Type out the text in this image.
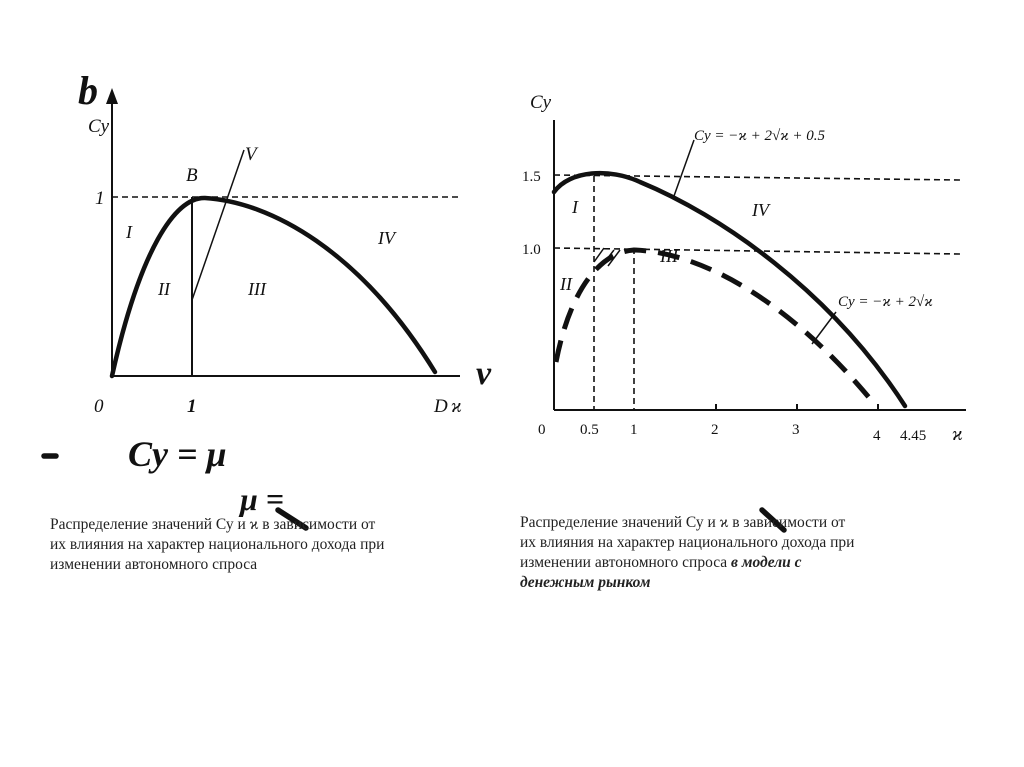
Cy
B
V
1
0	1	D ϰ
I
II	III
IV
b
ν
Cy = μ
μ =
Cy
1.5
1.0
0 0.5 1	2	3	4 4.45 ϰ
I
II
III
IV
Cy = −ϰ + 2√ϰ + 0.5
Cy = −ϰ + 2√ϰ
Распределение значений Су и ϰ в зависимости от
их влияния на характер национального дохода при
изменении автономного спроса
Распределение значений Су и ϰ в зависимости от
их влияния на характер национального дохода при
изменении автономного спроса в модели с
денежным рынком
